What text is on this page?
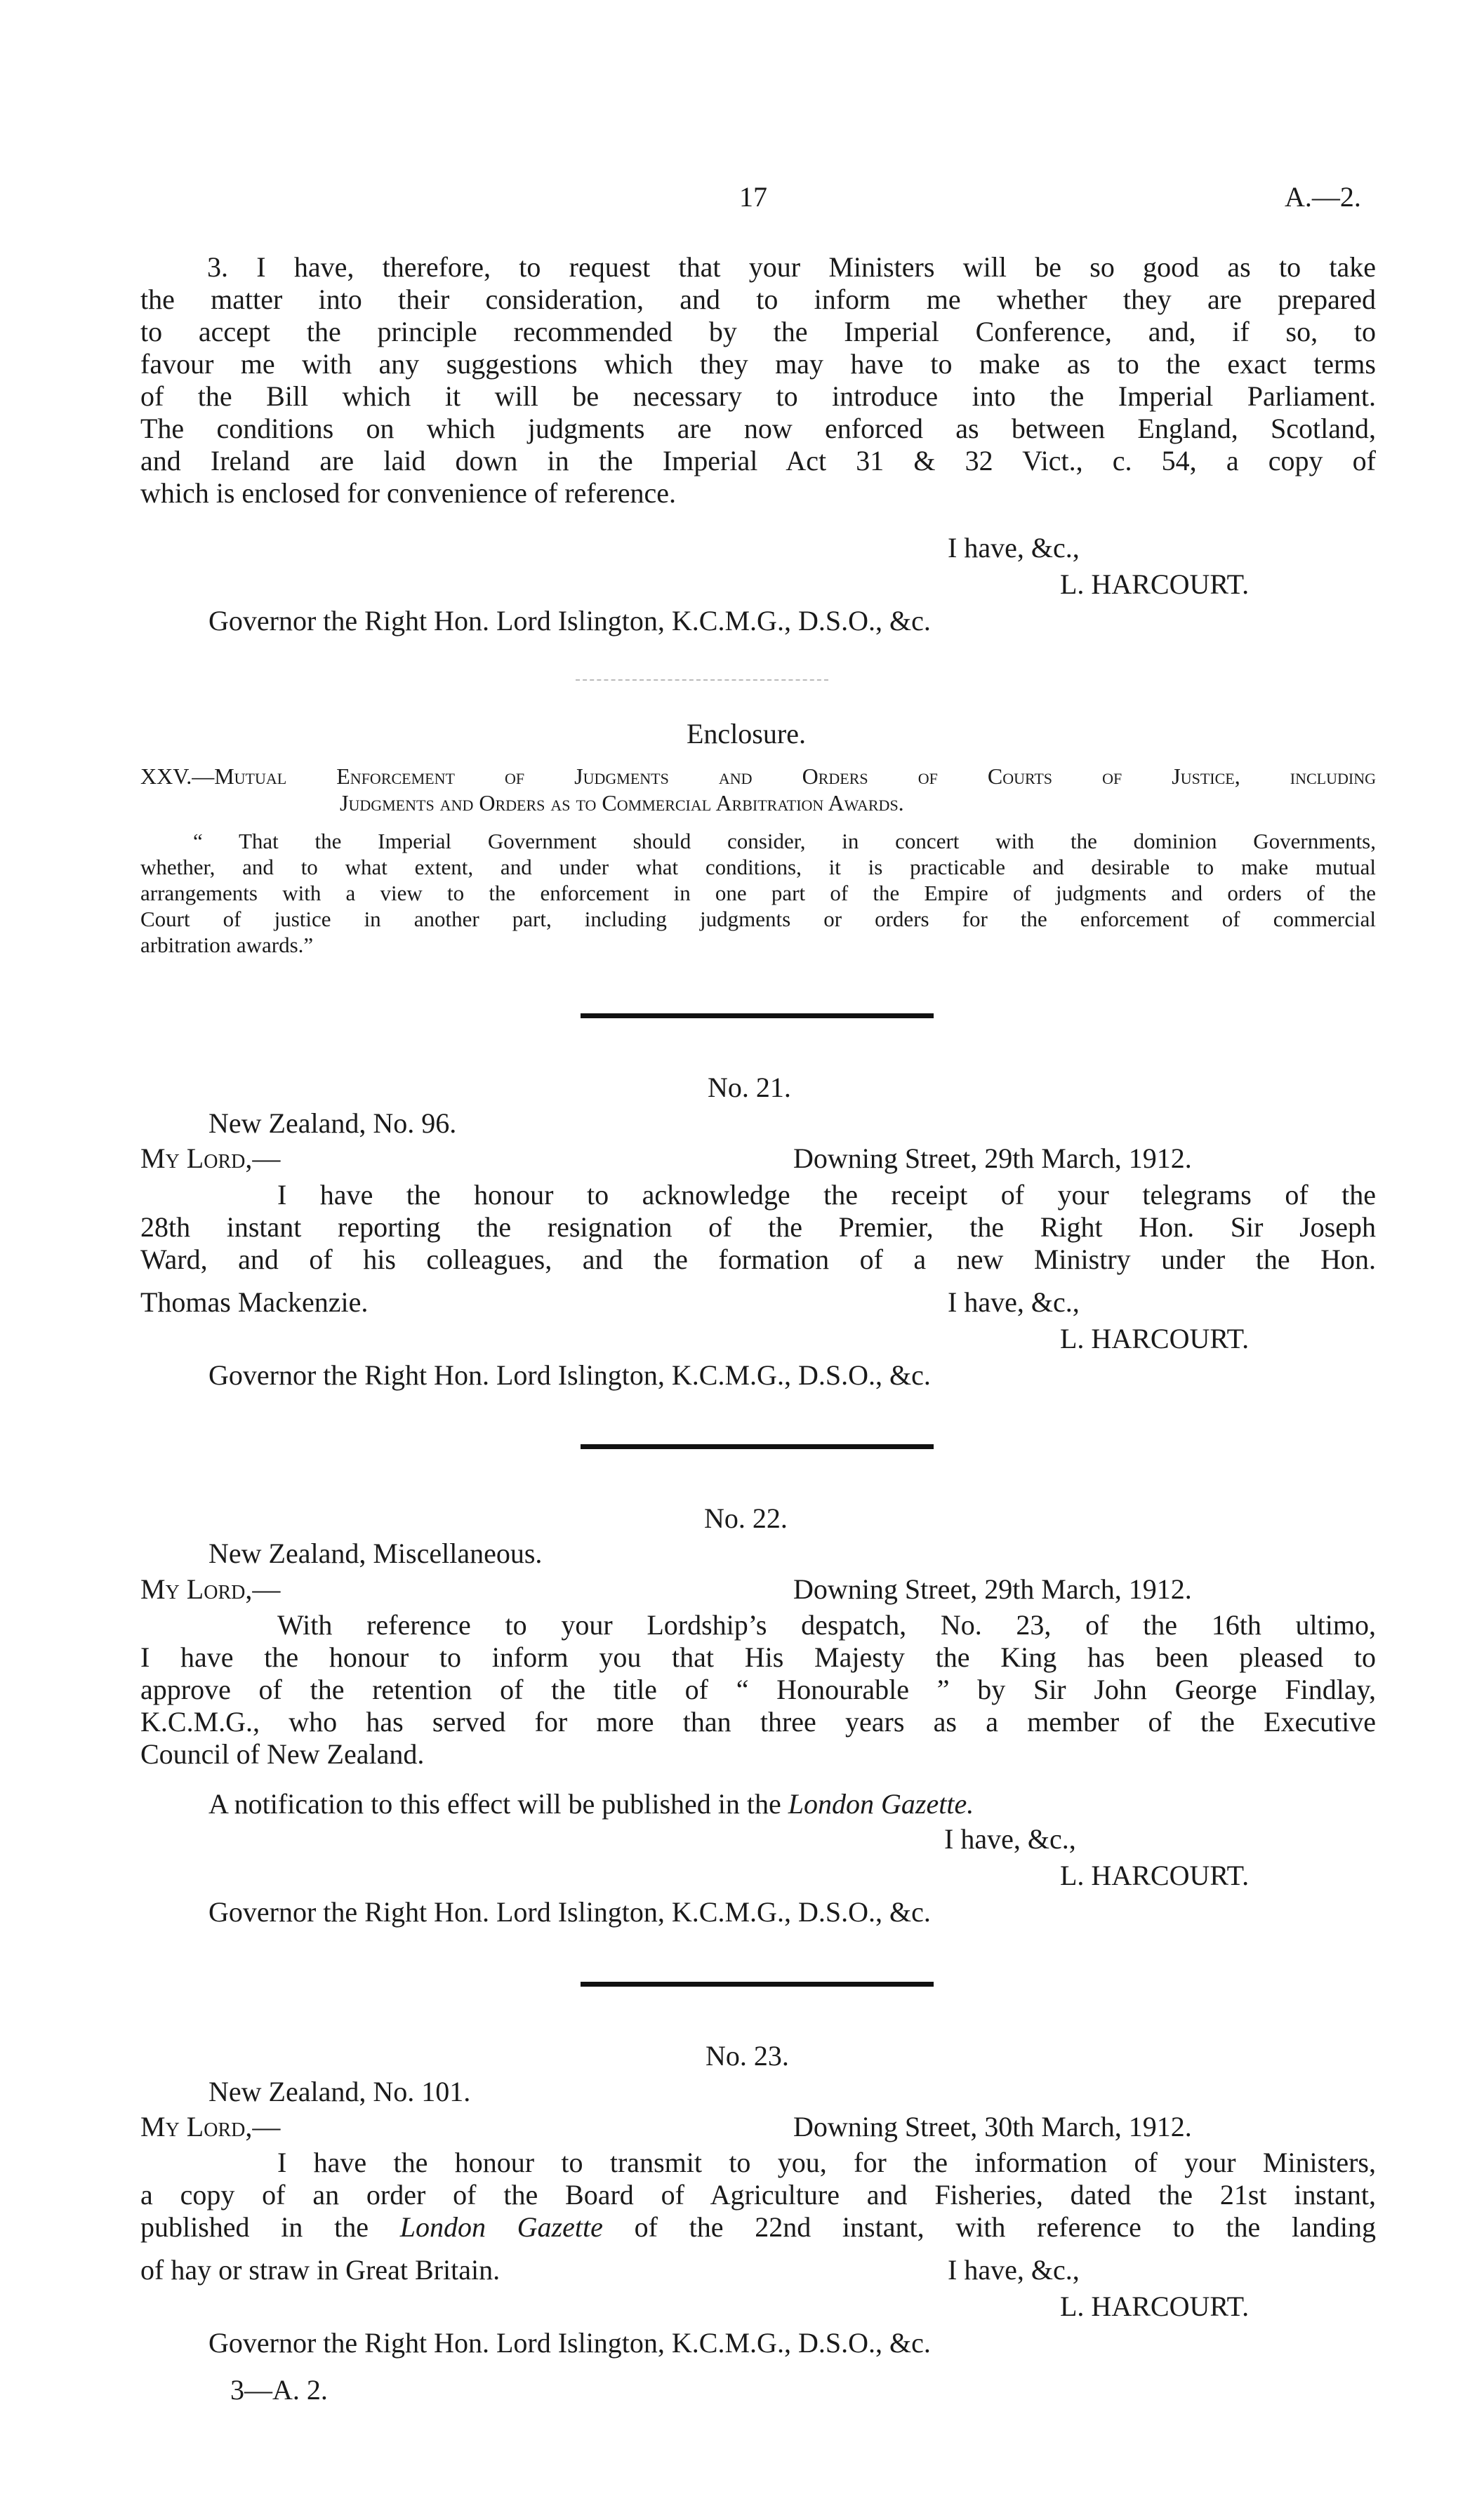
17	A.—2.
3. I have, therefore, to request that your Ministers will be so good as to take
the matter into their consideration, and to inform me whether they are prepared
to accept the principle recommended by the Imperial Conference, and, if so, to
favour me with any suggestions which they may have to make as to the exact terms
of the Bill which it will be necessary to introduce into the Imperial Parliament.
The conditions on which judgments are now enforced as between England, Scotland,
and Ireland are laid down in the Imperial Act 31 & 32 Vict., c. 54, a copy of
which is enclosed for convenience of reference.
I have, &c.,
L. HARCOURT.
Governor the Right Hon. Lord Islington, K.C.M.G., D.S.O., &c.
Enclosure.
XXV.—Mutual Enforcement of Judgments and Orders of Courts of Justice, including
Judgments and Orders as to Commercial Arbitration Awards.
“ That the Imperial Government should consider, in concert with the dominion Governments,
whether, and to what extent, and under what conditions, it is practicable and desirable to make mutual
arrangements with a view to the enforcement in one part of the Empire of judgments and orders of the
Court of justice in another part, including judgments or orders for the enforcement of commercial
arbitration awards.”
No. 21.
New Zealand, No. 96.
My Lord,—	Downing Street, 29th March, 1912.
I have the honour to acknowledge the receipt of your telegrams of the
28th instant reporting the resignation of the Premier, the Right Hon. Sir Joseph
Ward, and of his colleagues, and the formation of a new Ministry under the Hon.
Thomas Mackenzie.	I have, &c.,
L. HARCOURT.
Governor the Right Hon. Lord Islington, K.C.M.G., D.S.O., &c.
No. 22.
New Zealand, Miscellaneous.
My Lord,—	Downing Street, 29th March, 1912.
With reference to your Lordship’s despatch, No. 23, of the 16th ultimo,
I have the honour to inform you that His Majesty the King has been pleased to
approve of the retention of the title of “ Honourable ” by Sir John George Findlay,
K.C.M.G., who has served for more than three years as a member of the Executive
Council of New Zealand.
A notification to this effect will be published in the London Gazette.
I have, &c.,
L. HARCOURT.
Governor the Right Hon. Lord Islington, K.C.M.G., D.S.O., &c.
No. 23.
New Zealand, No. 101.
My Lord,—	Downing Street, 30th March, 1912.
I have the honour to transmit to you, for the information of your Ministers,
a copy of an order of the Board of Agriculture and Fisheries, dated the 21st instant,
published in the London Gazette of the 22nd instant, with reference to the landing
of hay or straw in Great Britain.	I have, &c.,
L. HARCOURT.
Governor the Right Hon. Lord Islington, K.C.M.G., D.S.O., &c.
3—A. 2.
